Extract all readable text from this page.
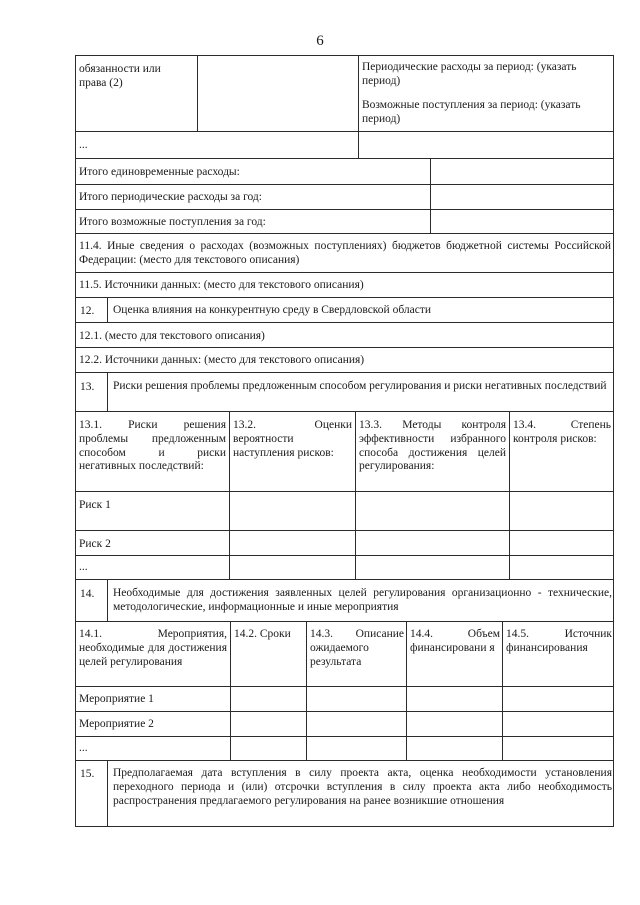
6
обязанности или права (2)
Периодические расходы за период: (указать период)
Возможные поступления за период: (указать период)
...
Итого единовременные расходы:
Итого периодические расходы за год:
Итого возможные поступления за год:
11.4. Иные сведения о расходах (возможных поступлениях) бюджетов бюджетной системы Российской Федерации: (место для текстового описания)
11.5. Источники данных: (место для текстового описания)
12. Оценка влияния на конкурентную среду в Свердловской области
12.1. (место для текстового описания)
12.2. Источники данных: (место для текстового описания)
13. Риски решения проблемы предложенным способом регулирования и риски негативных последствий
13.1. Риски решения проблемы предложенным способом и риски негативных последствий:
13.2. Оценки вероятности наступления рисков:
13.3. Методы контроля эффективности избранного способа достижения целей регулирования:
13.4. Степень контроля рисков:
Риск 1
Риск 2
...
14. Необходимые для достижения заявленных целей регулирования организационно - технические, методологические, информационные и иные мероприятия
14.1. Мероприятия, необходимые для достижения целей регулирования
14.2. Сроки	14.3. Описание ожидаемого результата
14.4. Объем финансировани я
14.5. Источник финансирования
Мероприятие 1
Мероприятие 2
...
15. Предполагаемая дата вступления в силу проекта акта, оценка необходимости установления переходного периода и (или) отсрочки вступления в силу проекта акта либо необходимость распространения предлагаемого регулирования на ранее возникшие отношения
